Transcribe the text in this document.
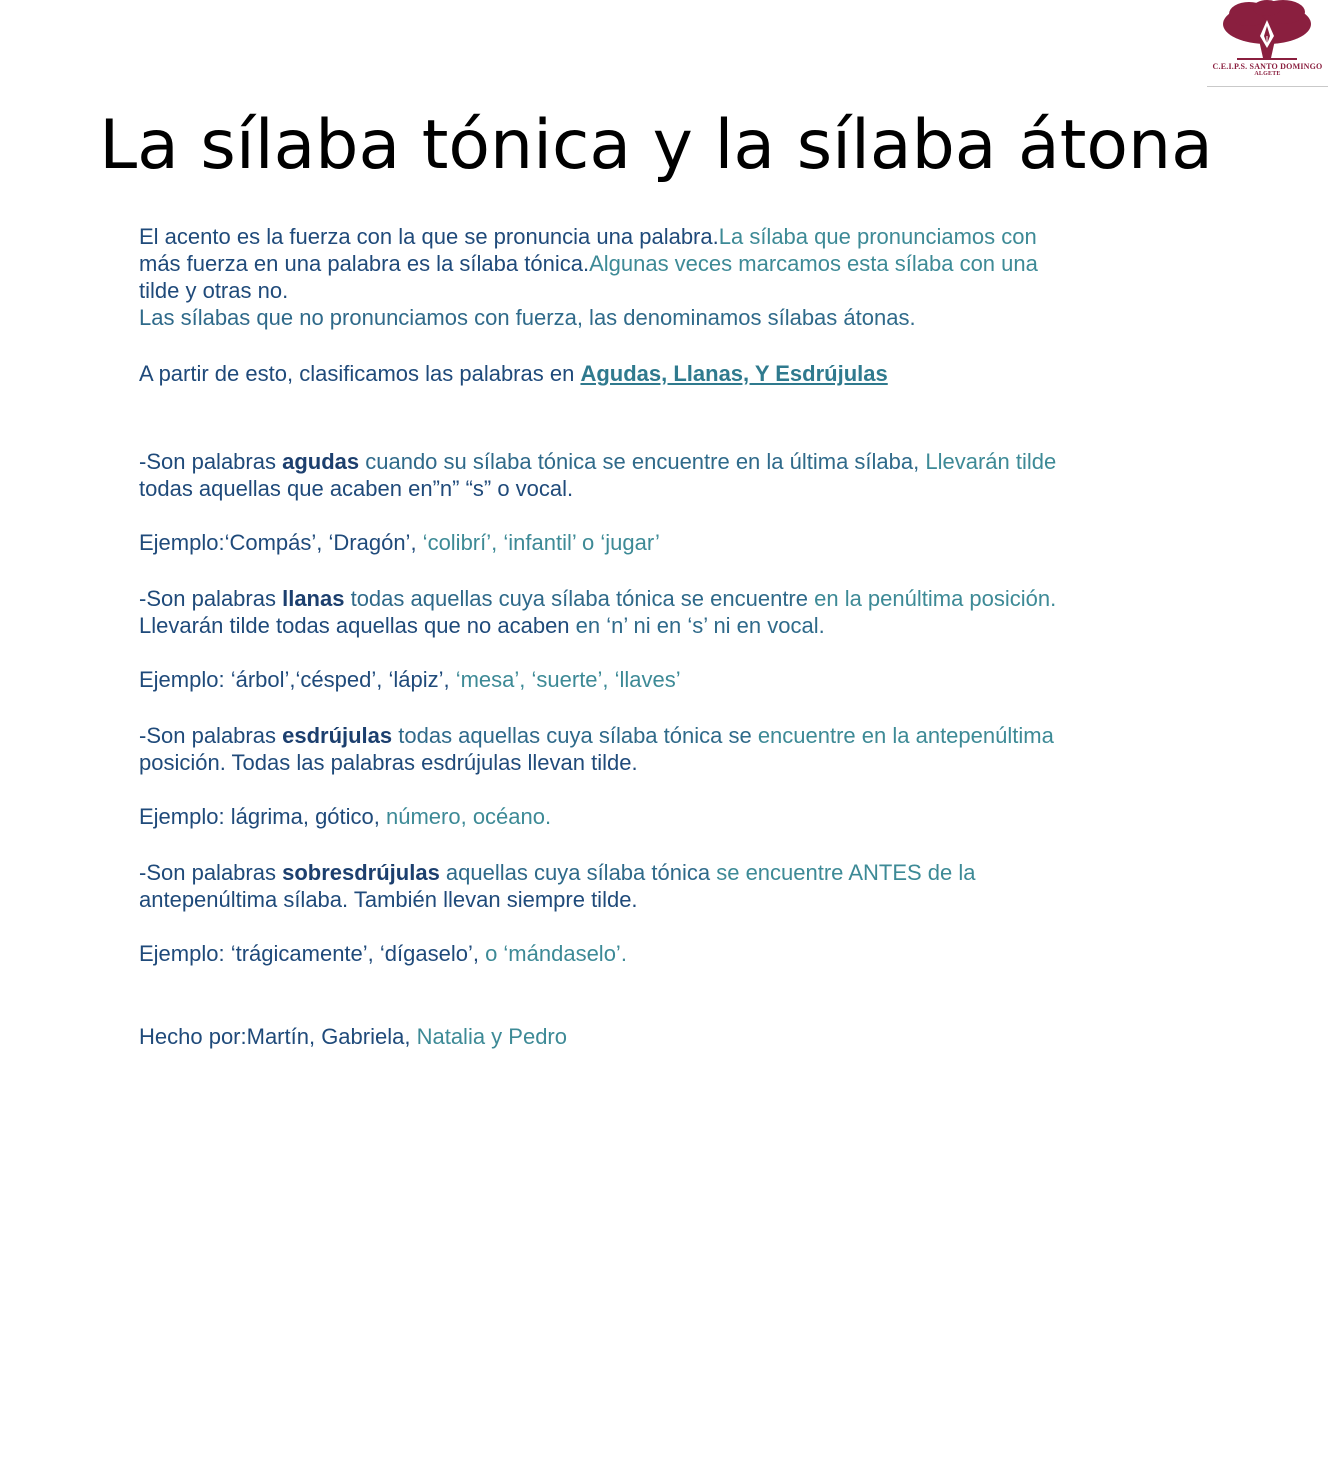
C.E.I.P.S. SANTO DOMINGO
ALGETE
La sílaba tónica y la sílaba átona

El acento es la fuerza con la que se pronuncia una palabra.La sílaba que pronunciamos con
más fuerza en una palabra es la sílaba tónica.Algunas veces marcamos esta sílaba con una
tilde y otras no.
Las sílabas que no pronunciamos con fuerza, las denominamos sílabas átonas.

A partir de esto, clasificamos las palabras en Agudas, Llanas, Y Esdrújulas

-Son palabras agudas cuando su sílaba tónica se encuentre en la última sílaba, Llevarán tilde
todas aquellas que acaben en”n” “s” o vocal.

Ejemplo:‘Compás’, ‘Dragón’, ‘colibrí’, ‘infantil’ o ‘jugar’

-Son palabras llanas todas aquellas cuya sílaba tónica se encuentre en la penúltima posición.
Llevarán tilde todas aquellas que no acaben en ‘n’ ni en ‘s’ ni en vocal.

Ejemplo: ‘árbol’,‘césped’, ‘lápiz’, ‘mesa’, ‘suerte’, ‘llaves’

-Son palabras esdrújulas todas aquellas cuya sílaba tónica se encuentre en la antepenúltima
posición. Todas las palabras esdrújulas llevan tilde.

Ejemplo: lágrima, gótico, número, océano.

-Son palabras sobresdrújulas aquellas cuya sílaba tónica se encuentre ANTES de la
antepenúltima sílaba. También llevan siempre tilde.

Ejemplo: ‘trágicamente’, ‘dígaselo’, o ‘mándaselo’.

Hecho por:Martín, Gabriela, Natalia y Pedro
